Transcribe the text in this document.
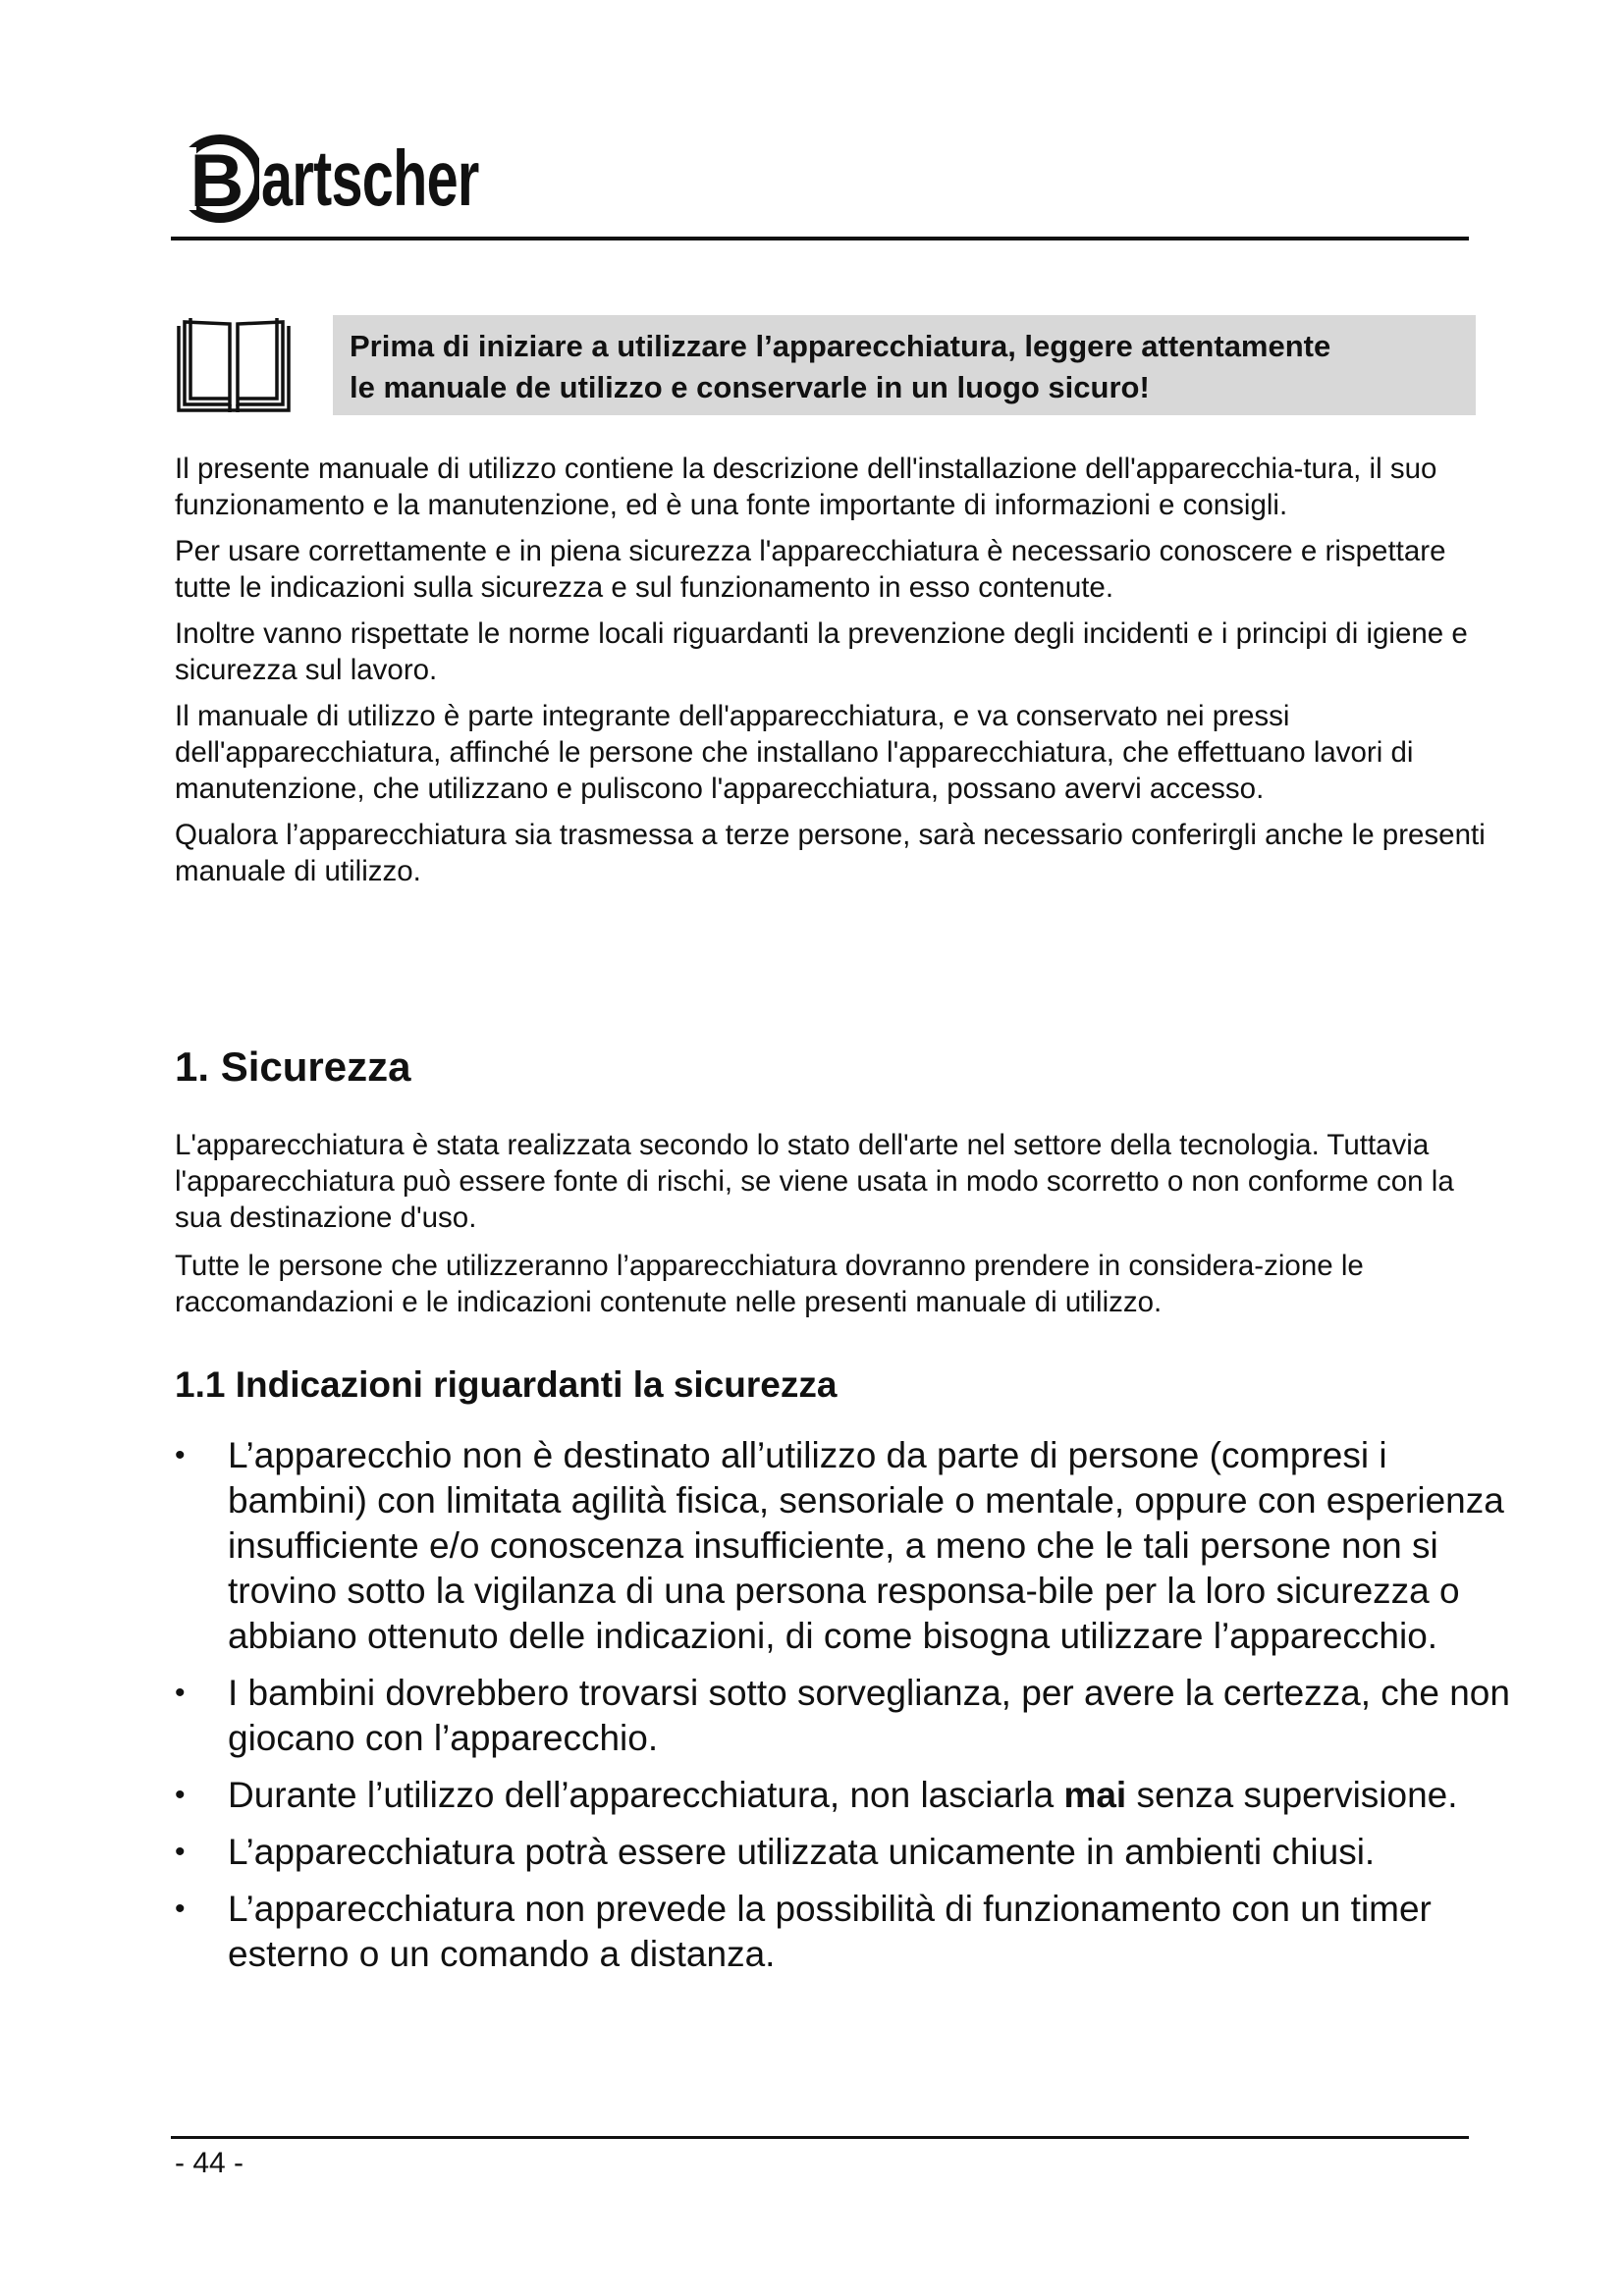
B artscher
Prima di iniziare a utilizzare l’apparecchiatura, leggere attentamente
le manuale de utilizzo e conservarle in un luogo sicuro!

Il presente manuale di utilizzo contiene la descrizione dell'installazione dell'apparecchia-tura, il suo funzionamento e la manutenzione, ed è una fonte importante di informazioni e consigli.

Per usare correttamente e in piena sicurezza l'apparecchiatura è necessario conoscere e rispettare tutte le indicazioni sulla sicurezza e sul funzionamento in esso contenute.

Inoltre vanno rispettate le norme locali riguardanti la prevenzione degli incidenti e i principi di igiene e sicurezza sul lavoro.

Il manuale di utilizzo è parte integrante dell'apparecchiatura, e va conservato nei pressi dell'apparecchiatura, affinché le persone che installano l'apparecchiatura, che effettuano lavori di manutenzione, che utilizzano e puliscono l'apparecchiatura, possano avervi accesso.

Qualora l’apparecchiatura sia trasmessa a terze persone, sarà necessario conferirgli anche le presenti manuale di utilizzo.

1. Sicurezza

L'apparecchiatura è stata realizzata secondo lo stato dell'arte nel settore della tecnologia. Tuttavia l'apparecchiatura può essere fonte di rischi, se viene usata in modo scorretto o non conforme con la sua destinazione d'uso.

Tutte le persone che utilizzeranno l’apparecchiatura dovranno prendere in considera-zione le raccomandazioni e le indicazioni contenute nelle presenti manuale di utilizzo.

1.1 Indicazioni riguardanti la sicurezza
• L’apparecchio non è destinato all’utilizzo da parte di persone (compresi i bambini) con limitata agilità fisica, sensoriale o mentale, oppure con esperienza insufficiente e/o conoscenza insufficiente, a meno che le tali persone non si trovino sotto la vigilanza di una persona responsa-bile per la loro sicurezza o abbiano ottenuto delle indicazioni, di come bisogna utilizzare l’apparecchio.
• I bambini dovrebbero trovarsi sotto sorveglianza, per avere la certezza, che non giocano con l’apparecchio.
• Durante l’utilizzo dell’apparecchiatura, non lasciarla mai senza supervisione.
• L’apparecchiatura potrà essere utilizzata unicamente in ambienti chiusi.
• L’apparecchiatura non prevede la possibilità di funzionamento con un timer esterno o un comando a distanza.
- 44 -
